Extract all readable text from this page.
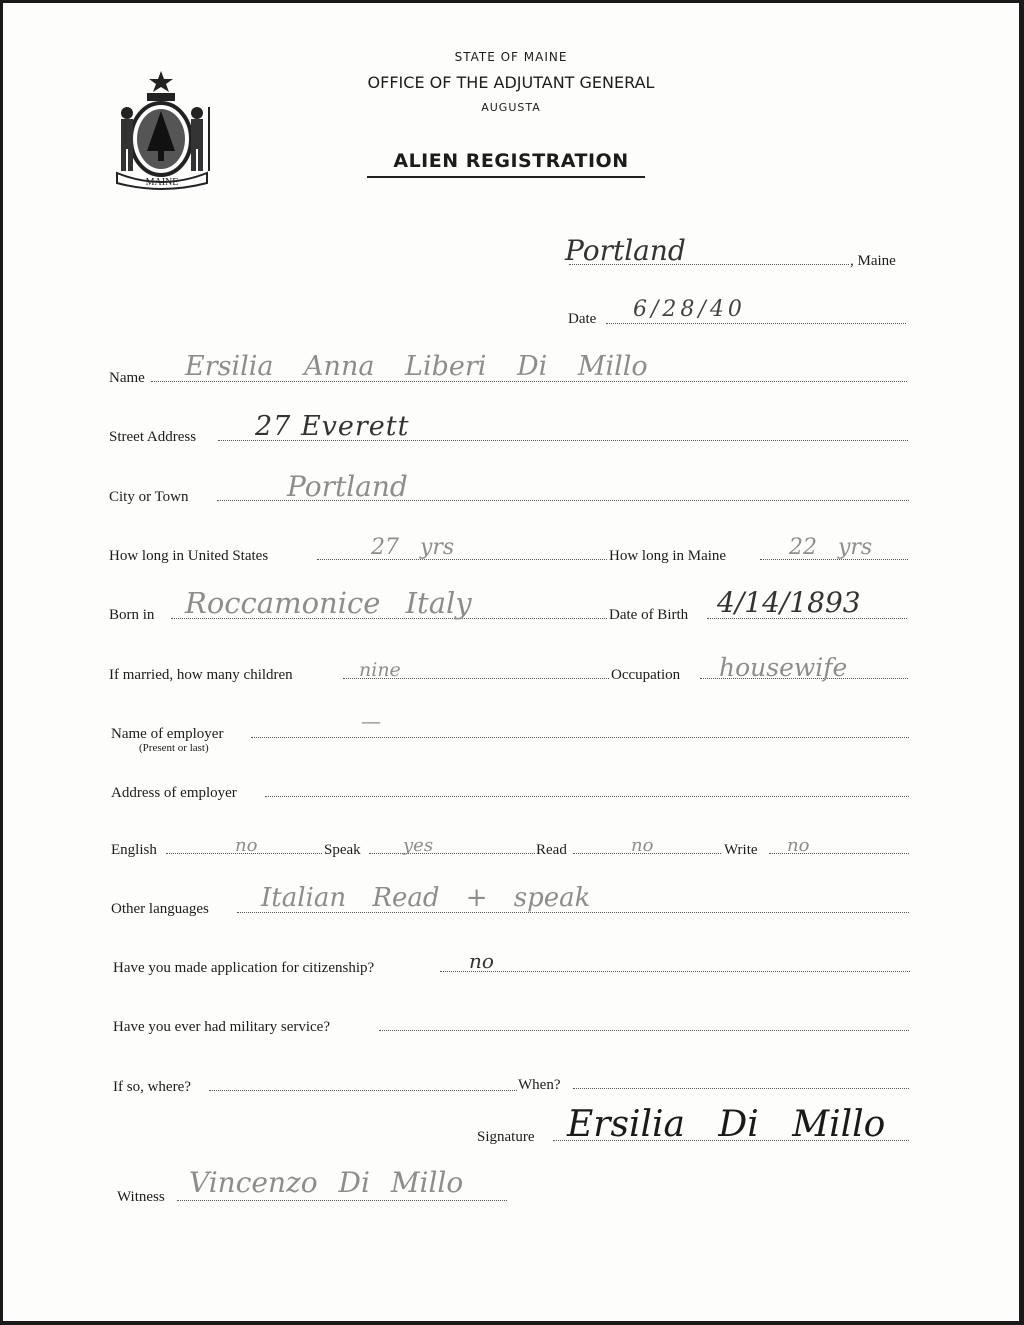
MAINE
STATE OF MAINE
OFFICE OF THE ADJUTANT GENERAL
AUGUSTA
ALIEN REGISTRATION
Portland	, Maine
Date 6/28/40
Name Ersilia Anna Liberi Di Millo
Street Address 27 Everett
City or Town	Portland
How long in United States	27 yrs	How long in Maine	22 yrs
Born in Roccamonice Italy	Date of Birth 4/14/1893
If married, how many children	nine	Occupation housewife
Name of employer
(Present or last)
—
Address of employer
English	no	Speak yes	Read	no	Write no
Other languages Italian Read + speak
Have you made application for citizenship?	no
Have you ever had military service?
If so, where?	When?
Signature Ersilia Di Millo
Witness Vincenzo Di Millo
